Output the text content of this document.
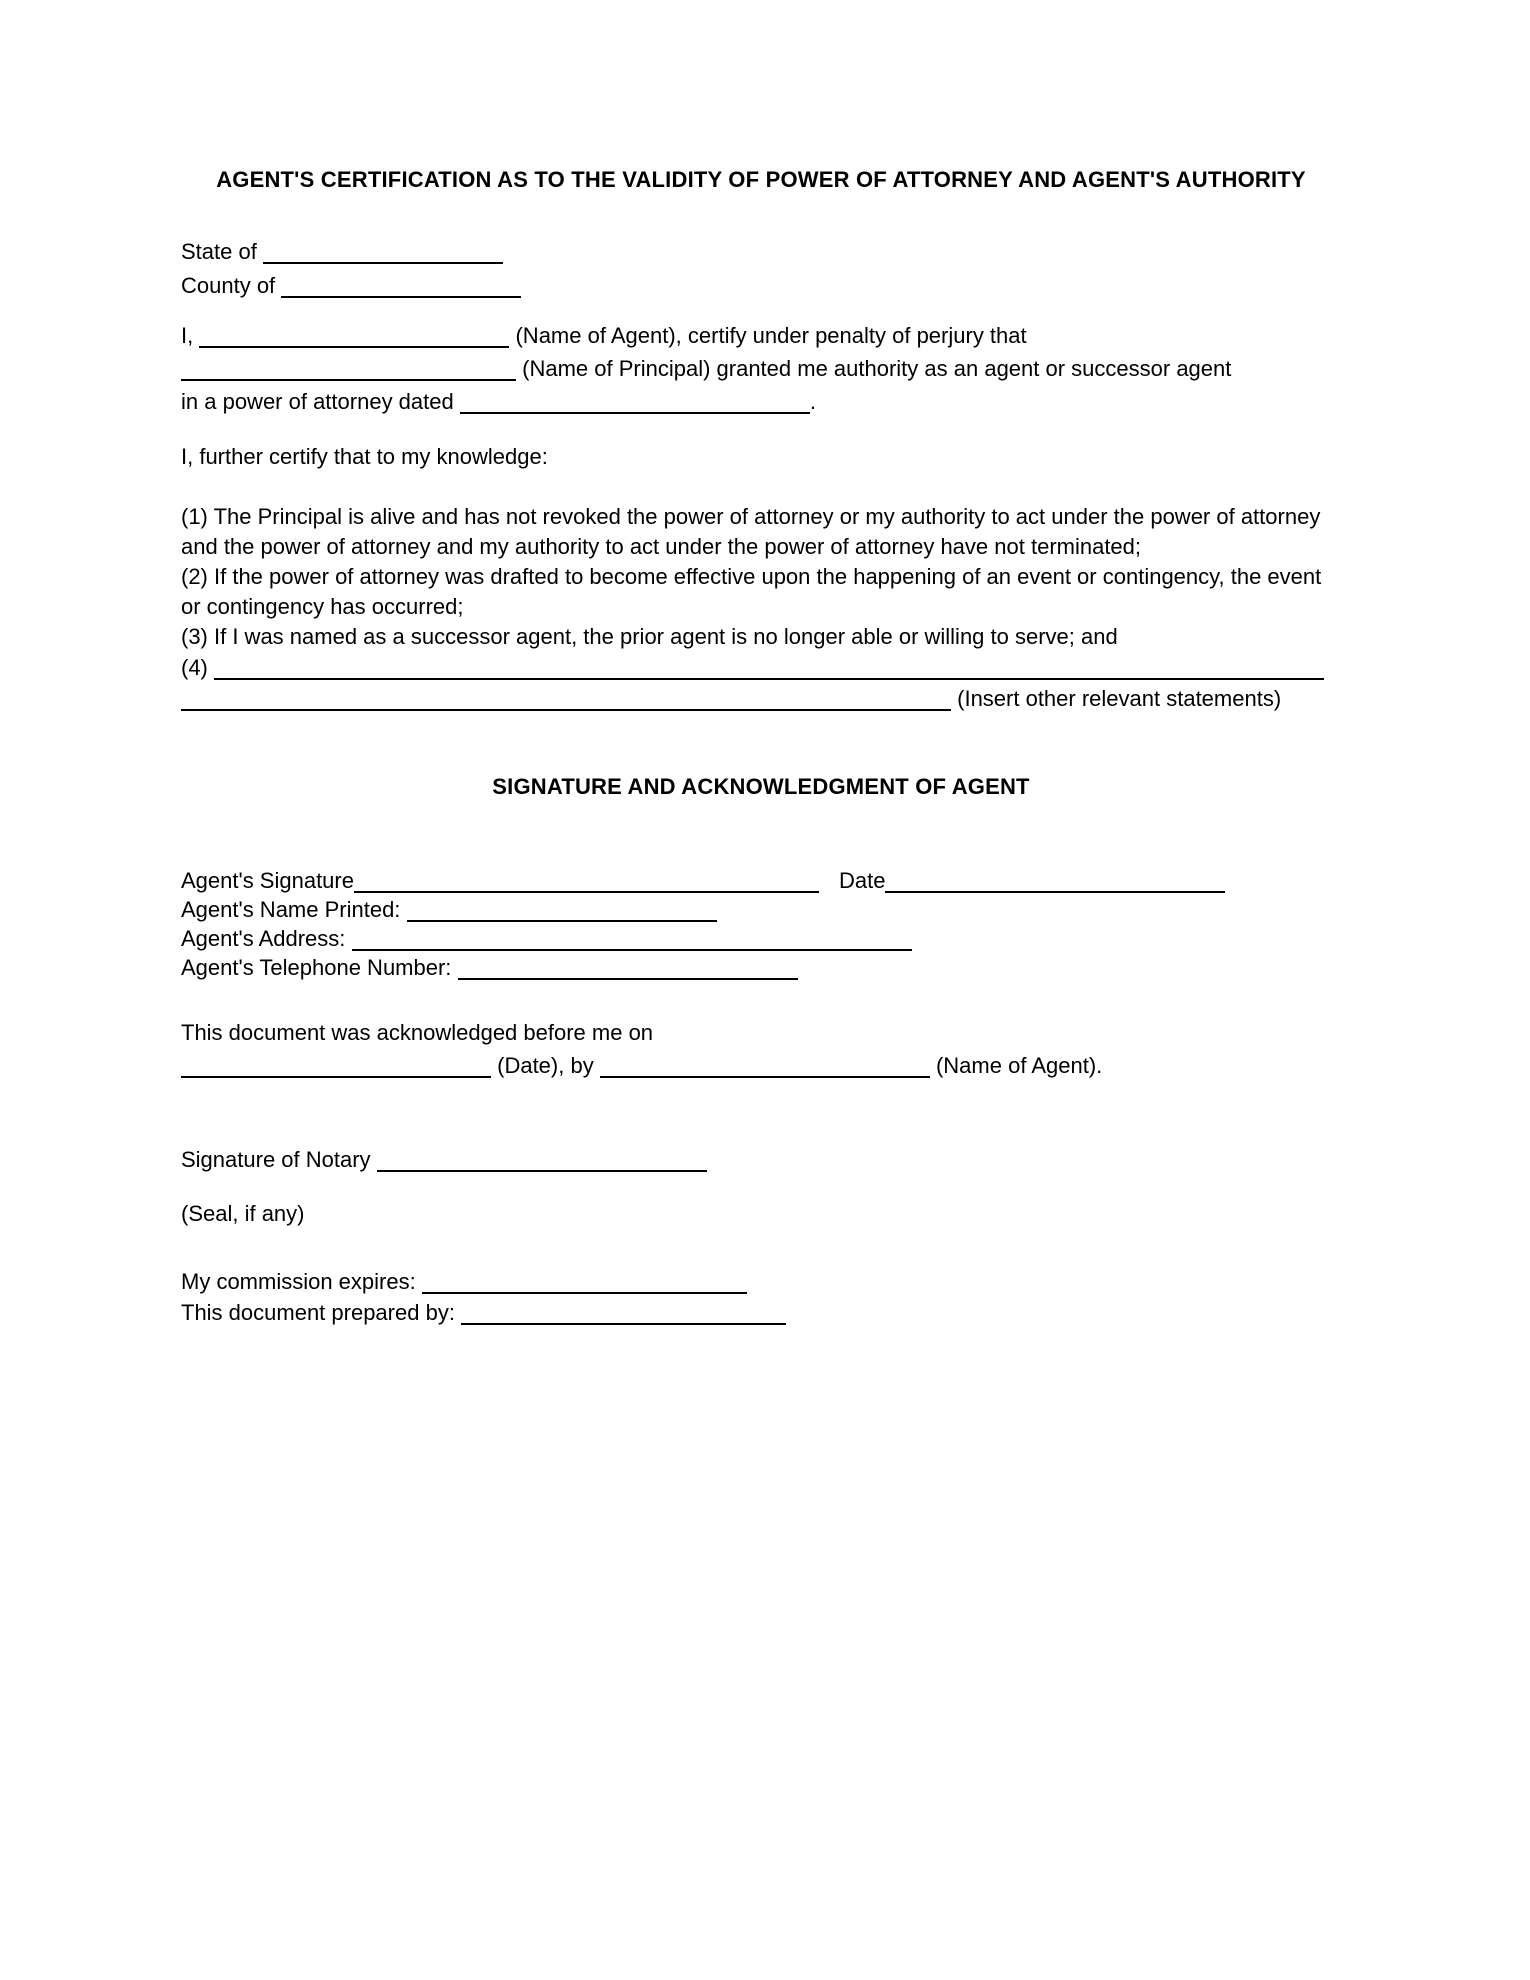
AGENT'S CERTIFICATION AS TO THE VALIDITY OF POWER OF ATTORNEY AND AGENT'S AUTHORITY
State of
County of
I,	(Name of Agent), certify under penalty of perjury that
(Name of Principal) granted me authority as an agent or successor agent
in a power of attorney dated	.
I, further certify that to my knowledge:
(1) The Principal is alive and has not revoked the power of attorney or my authority to act under the power of attorney and the power of attorney and my authority to act under the power of attorney have not terminated;
(2) If the power of attorney was drafted to become effective upon the happening of an event or contingency, the event or contingency has occurred;
(3) If I was named as a successor agent, the prior agent is no longer able or willing to serve; and
(4)
(Insert other relevant statements)
SIGNATURE AND ACKNOWLEDGMENT OF AGENT
Agent's Signature	Date
Agent's Name Printed:
Agent's Address:
Agent's Telephone Number:
This document was acknowledged before me on
(Date), by	(Name of Agent).
Signature of Notary
(Seal, if any)
My commission expires:
This document prepared by:
